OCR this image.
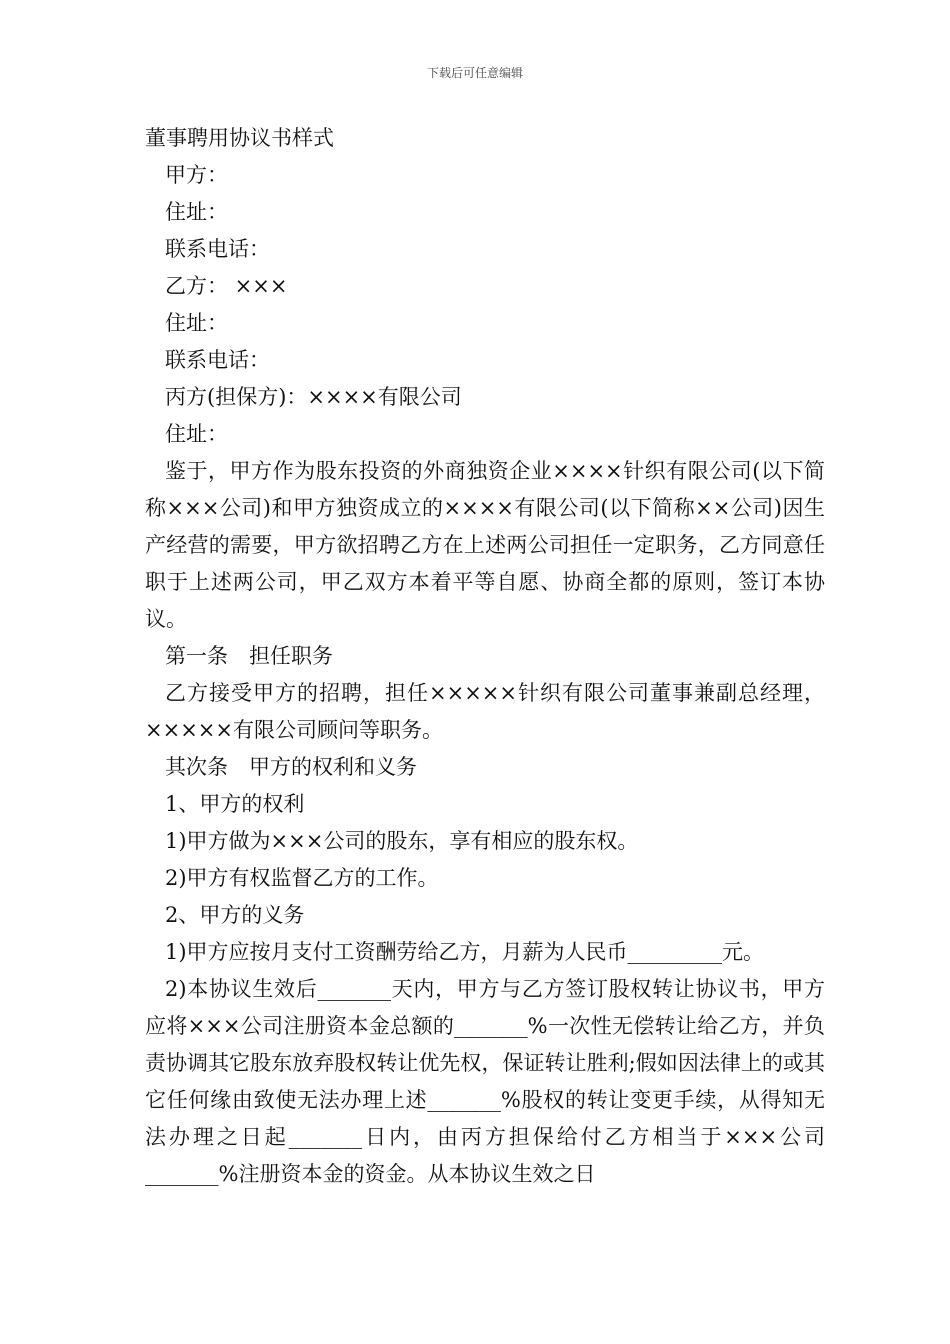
下载后可任意编辑

董事聘用协议书样式

甲方：

住址：

联系电话：

乙方： ×××

住址：

联系电话：

丙方(担保方)：××××有限公司

住址：

鉴于，甲方作为股东投资的外商独资企业××××针织有限公司(以下简称×××公司)和甲方独资成立的××××有限公司(以下简称××公司)因生产经营的需要，甲方欲招聘乙方在上述两公司担任一定职务，乙方同意任职于上述两公司，甲乙双方本着平等自愿、协商全都的原则，签订本协议。

第一条　担任职务

乙方接受甲方的招聘，担任×××××针织有限公司董事兼副总经理，×××××有限公司顾问等职务。

其次条　甲方的权利和义务

1、甲方的权利

1)甲方做为×××公司的股东，享有相应的股东权。

2)甲方有权监督乙方的工作。

2、甲方的义务

1)甲方应按月支付工资酬劳给乙方，月薪为人民币_________元。

2)本协议生效后_______天内，甲方与乙方签订股权转让协议书，甲方应将×××公司注册资本金总额的_______%一次性无偿转让给乙方，并负责协调其它股东放弃股权转让优先权，保证转让胜利;假如因法律上的或其它任何缘由致使无法办理上述_______%股权的转让变更手续，从得知无法办理之日起_______日内，由丙方担保给付乙方相当于×××公司_______%注册资本金的资金。从本协议生效之日
